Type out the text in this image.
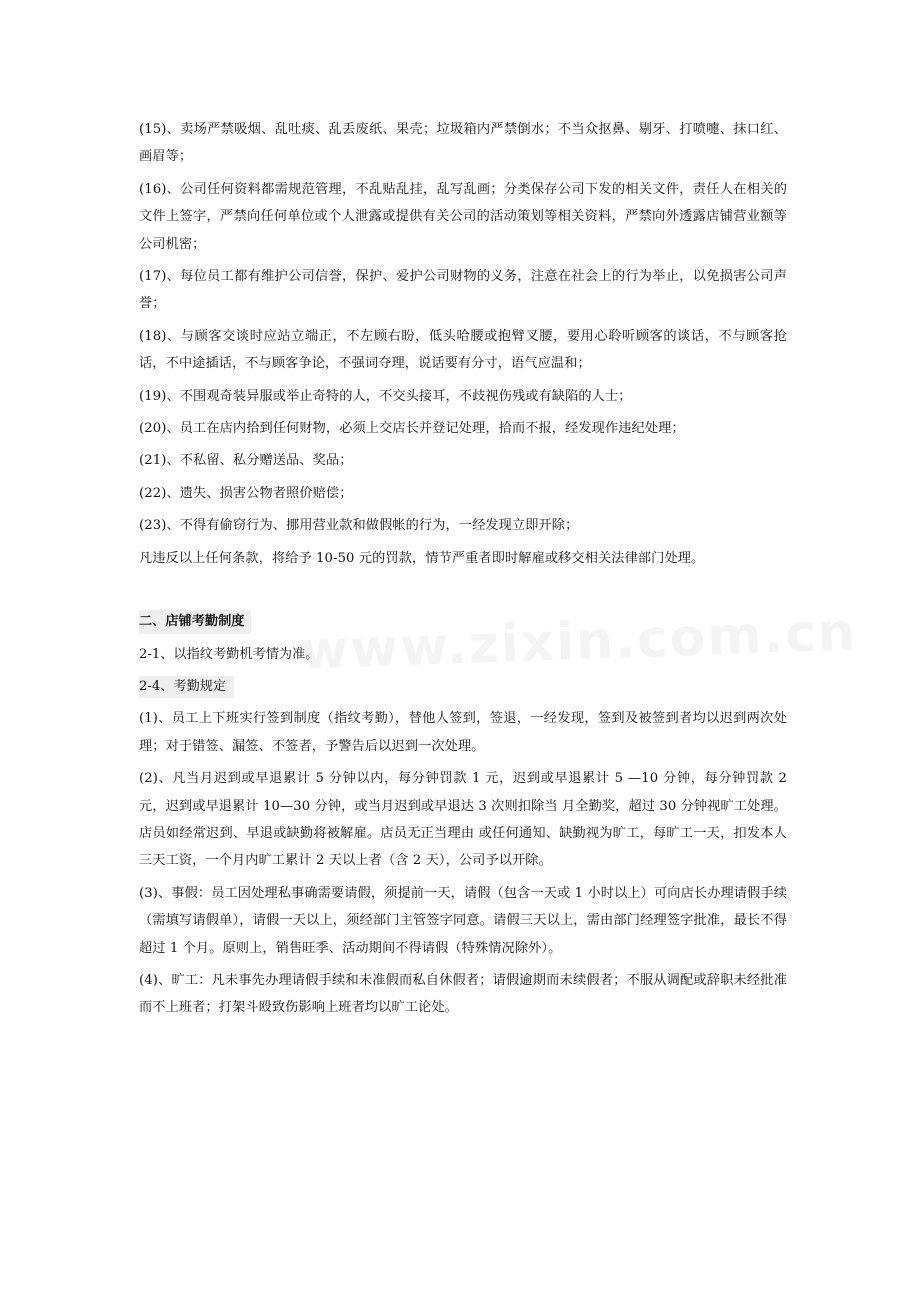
(15)、卖场严禁吸烟、乱吐痰、乱丢废纸、果壳；垃圾箱内严禁倒水；不当众抠鼻、剔牙、打喷嚏、抹口红、画眉等；

(16)、公司任何资料都需规范管理，不乱贴乱挂，乱写乱画；分类保存公司下发的相关文件，责任人在相关的文件上签字，严禁向任何单位或个人泄露或提供有关公司的活动策划等相关资料，严禁向外透露店铺营业额等公司机密；

(17)、每位员工都有维护公司信誉，保护、爱护公司财物的义务，注意在社会上的行为举止，以免损害公司声誉；

(18)、与顾客交谈时应站立端正，不左顾右盼，低头哈腰或抱臂叉腰，要用心聆听顾客的谈话，不与顾客抢话，不中途插话，不与顾客争论，不强词夺理，说话要有分寸，语气应温和；

(19)、不围观奇装异服或举止奇特的人，不交头接耳，不歧视伤残或有缺陷的人士；

(20)、员工在店内拾到任何财物，必须上交店长并登记处理，拾而不报，经发现作违纪处理；

(21)、不私留、私分赠送品、奖品；

(22)、遗失、损害公物者照价赔偿；

(23)、不得有偷窃行为、挪用营业款和做假帐的行为，一经发现立即开除；

凡违反以上任何条款，将给予 10-50 元的罚款，情节严重者即时解雇或移交相关法律部门处理。

二、店铺考勤制度

2-1、以指纹考勤机考情为准。

2-4、考勤规定

(1)、员工上下班实行签到制度（指纹考勤），替他人签到，签退，一经发现，签到及被签到者均以迟到两次处理；对于错签、漏签、不签者，予警告后以迟到一次处理。

(2)、凡当月迟到或早退累计 5 分钟以内，每分钟罚款 1 元，迟到或早退累计 5 —10 分钟，每分钟罚款 2 元，迟到或早退累计 10—30 分钟，或当月迟到或早退达 3 次则扣除当 月全勤奖，超过 30 分钟视旷工处理。店员如经常迟到、早退或缺勤将被解雇。店员无正当理由 或任何通知、缺勤视为旷工，每旷工一天，扣发本人三天工资，一个月内旷工累计 2 天以上者（含 2 天），公司予以开除。

(3)、事假：员工因处理私事确需要请假，须提前一天，请假（包含一天或 1 小时以上）可向店长办理请假手续（需填写请假单），请假一天以上，须经部门主管签字同意。请假三天以上，需由部门经理签字批准，最长不得超过 1 个月。原则上，销售旺季、活动期间不得请假（特殊情况除外）。

(4)、旷工：凡未事先办理请假手续和未准假而私自休假者；请假逾期而未续假者；不服从调配或辞职未经批准而不上班者；打架斗殴致伤影响上班者均以旷工论处。
